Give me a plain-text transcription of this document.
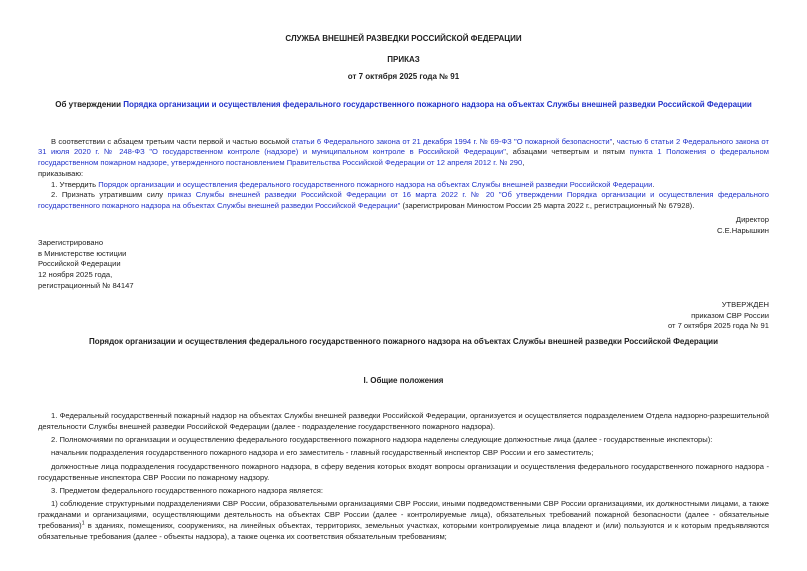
СЛУЖБА ВНЕШНЕЙ РАЗВЕДКИ РОССИЙСКОЙ ФЕДЕРАЦИИ
ПРИКАЗ
от 7 октября 2025 года № 91
Об утверждении Порядка организации и осуществления федерального государственного пожарного надзора на объектах Службы внешней разведки Российской Федерации

В соответствии с абзацем третьим части первой и частью восьмой статьи 6 Федерального закона от 21 декабря 1994 г. № 69-ФЗ "О пожарной безопасности", частью 6 статьи 2 Федерального закона от 31 июля 2020 г. № 248-ФЗ "О государственном контроле (надзоре) и муниципальном контроле в Российской Федерации", абзацами четвертым и пятым пункта 1 Положения о федеральном государственном пожарном надзоре, утвержденного постановлением Правительства Российской Федерации от 12 апреля 2012 г. № 290,

приказываю:

1. Утвердить Порядок организации и осуществления федерального государственного пожарного надзора на объектах Службы внешней разведки Российской Федерации.

2. Признать утратившим силу приказ Службы внешней разведки Российской Федерации от 16 марта 2022 г. № 20 "Об утверждении Порядка организации и осуществления федерального государственного пожарного надзора на объектах Службы внешней разведки Российской Федерации" (зарегистрирован Минюстом России 25 марта 2022 г., регистрационный № 67928).

Директор
С.Е.Нарышкин
Зарегистрировано
в Министерстве юстиции
Российской Федерации
12 ноября 2025 года,
регистрационный № 84147
УТВЕРЖДЕН
приказом СВР России
от 7 октября 2025 года № 91
Порядок организации и осуществления федерального государственного пожарного надзора на объектах Службы внешней разведки Российской Федерации
I. Общие положения

1. Федеральный государственный пожарный надзор на объектах Службы внешней разведки Российской Федерации, организуется и осуществляется подразделением Отдела надзорно-разрешительной деятельности Службы внешней разведки Российской Федерации (далее - подразделение государственного пожарного надзора).

2. Полномочиями по организации и осуществлению федерального государственного пожарного надзора наделены следующие должностные лица (далее - государственные инспекторы):

начальник подразделения государственного пожарного надзора и его заместитель - главный государственный инспектор СВР России и его заместитель;

должностные лица подразделения государственного пожарного надзора, в сферу ведения которых входят вопросы организации и осуществления федерального государственного пожарного надзора - государственные инспектора СВР России по пожарному надзору.

3. Предметом федерального государственного пожарного надзора является:

1) соблюдение структурными подразделениями СВР России, образовательными организациями СВР России, иными подведомственными СВР России организациями, их должностными лицами, а также гражданами и организациями, осуществляющими деятельность на объектах СВР России (далее - контролируемые лица), обязательных требований пожарной безопасности (далее - обязательные требования)$^1$ в зданиях, помещениях, сооружениях, на линейных объектах, территориях, земельных участках, которыми контролируемые лица владеют и (или) пользуются и к которым предъявляются обязательные требования (далее - объекты надзора), а также оценка их соответствия обязательным требованиям;
